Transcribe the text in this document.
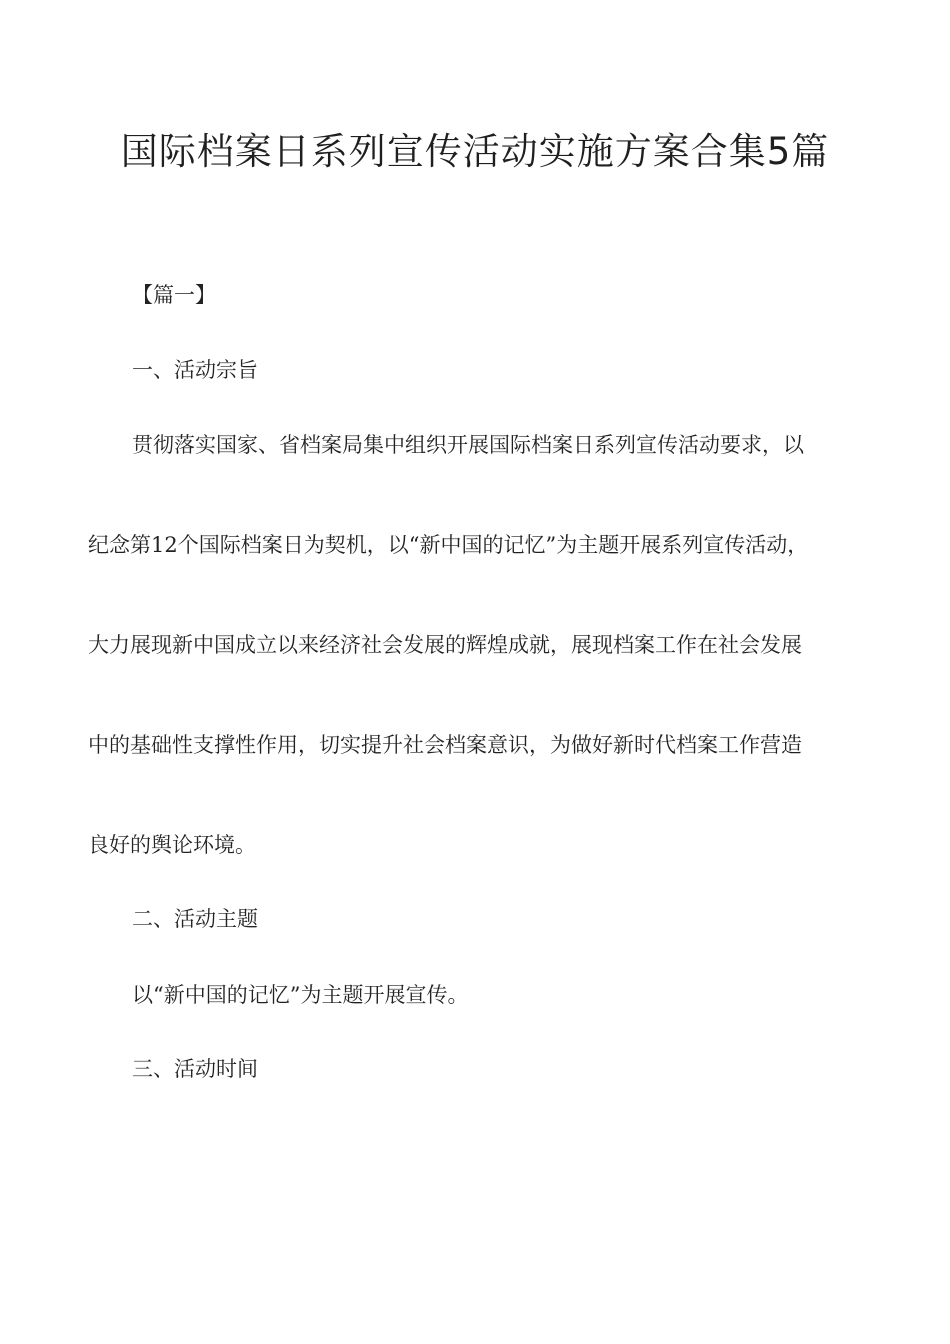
国际档案日系列宣传活动实施方案合集5篇
【篇一】
一、活动宗旨
贯彻落实国家、省档案局集中组织开展国际档案日系列宣传活动要求，以
纪念第12个国际档案日为契机，以“新中国的记忆”为主题开展系列宣传活动，
大力展现新中国成立以来经济社会发展的辉煌成就，展现档案工作在社会发展
中的基础性支撑性作用，切实提升社会档案意识，为做好新时代档案工作营造
良好的舆论环境。
二、活动主题
以“新中国的记忆”为主题开展宣传。
三、活动时间
